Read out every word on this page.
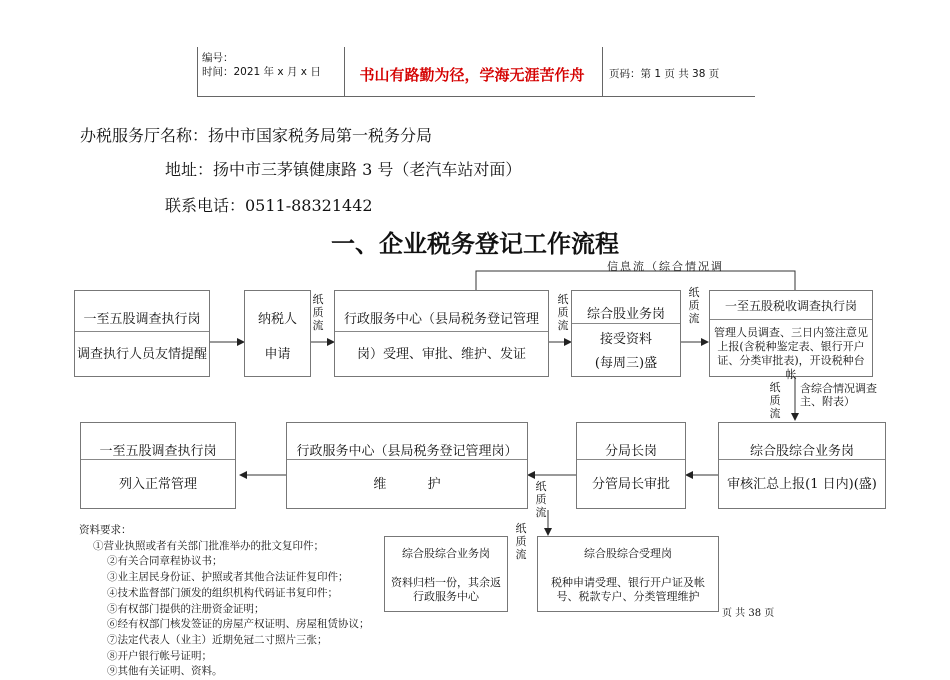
编号：
时间：2021 年 x 月 x 日	书山有路勤为径，学海无涯苦作舟	页码：第 1 页 共 38 页
办税服务厅名称：扬中市国家税务局第一税务分局
地址：扬中市三茅镇健康路 3 号（老汽车站对面）
联系电话：0511-88321442
一、企业税务登记工作流程
信息流（综合情况调
纸质流
纸质流
纸质流
纸质流
含综合情况调查主、附表）
纸质流
纸质流
一至五股调查执行岗
调查执行人员友情提醒
纳税人
申请
行政服务中心（县局税务登记管理
岗）受理、审批、维护、发证
综合股业务岗
接受资料
(每周三)盛
一至五股税收调查执行岗
管理人员调查、三日内签注意见上报(含税种鉴定表、银行开户证、分类审批表)，开设税种台帐
一至五股调查执行岗
列入正常管理
行政服务中心（县局税务登记管理岗）
维          护
分局长岗
分管局长审批
综合股综合业务岗
审核汇总上报(1 日内)(盛)
综合股综合业务岗
资料归档一份，其余返行政服务中心
综合股综合受理岗
税种申请受理、银行开户证及帐号、税款专户、分类管理维护
页 共 38 页
资料要求：
①营业执照或者有关部门批准举办的批文复印件；
②有关合同章程协议书；
③业主居民身份证、护照或者其他合法证件复印件；
④技术监督部门颁发的组织机构代码证书复印件；
⑤有权部门提供的注册资金证明；
⑥经有权部门核发签证的房屋产权证明、房屋租赁协议；
⑦法定代表人（业主）近期免冠二寸照片三张；
⑧开户银行帐号证明；
⑨其他有关证明、资料。
